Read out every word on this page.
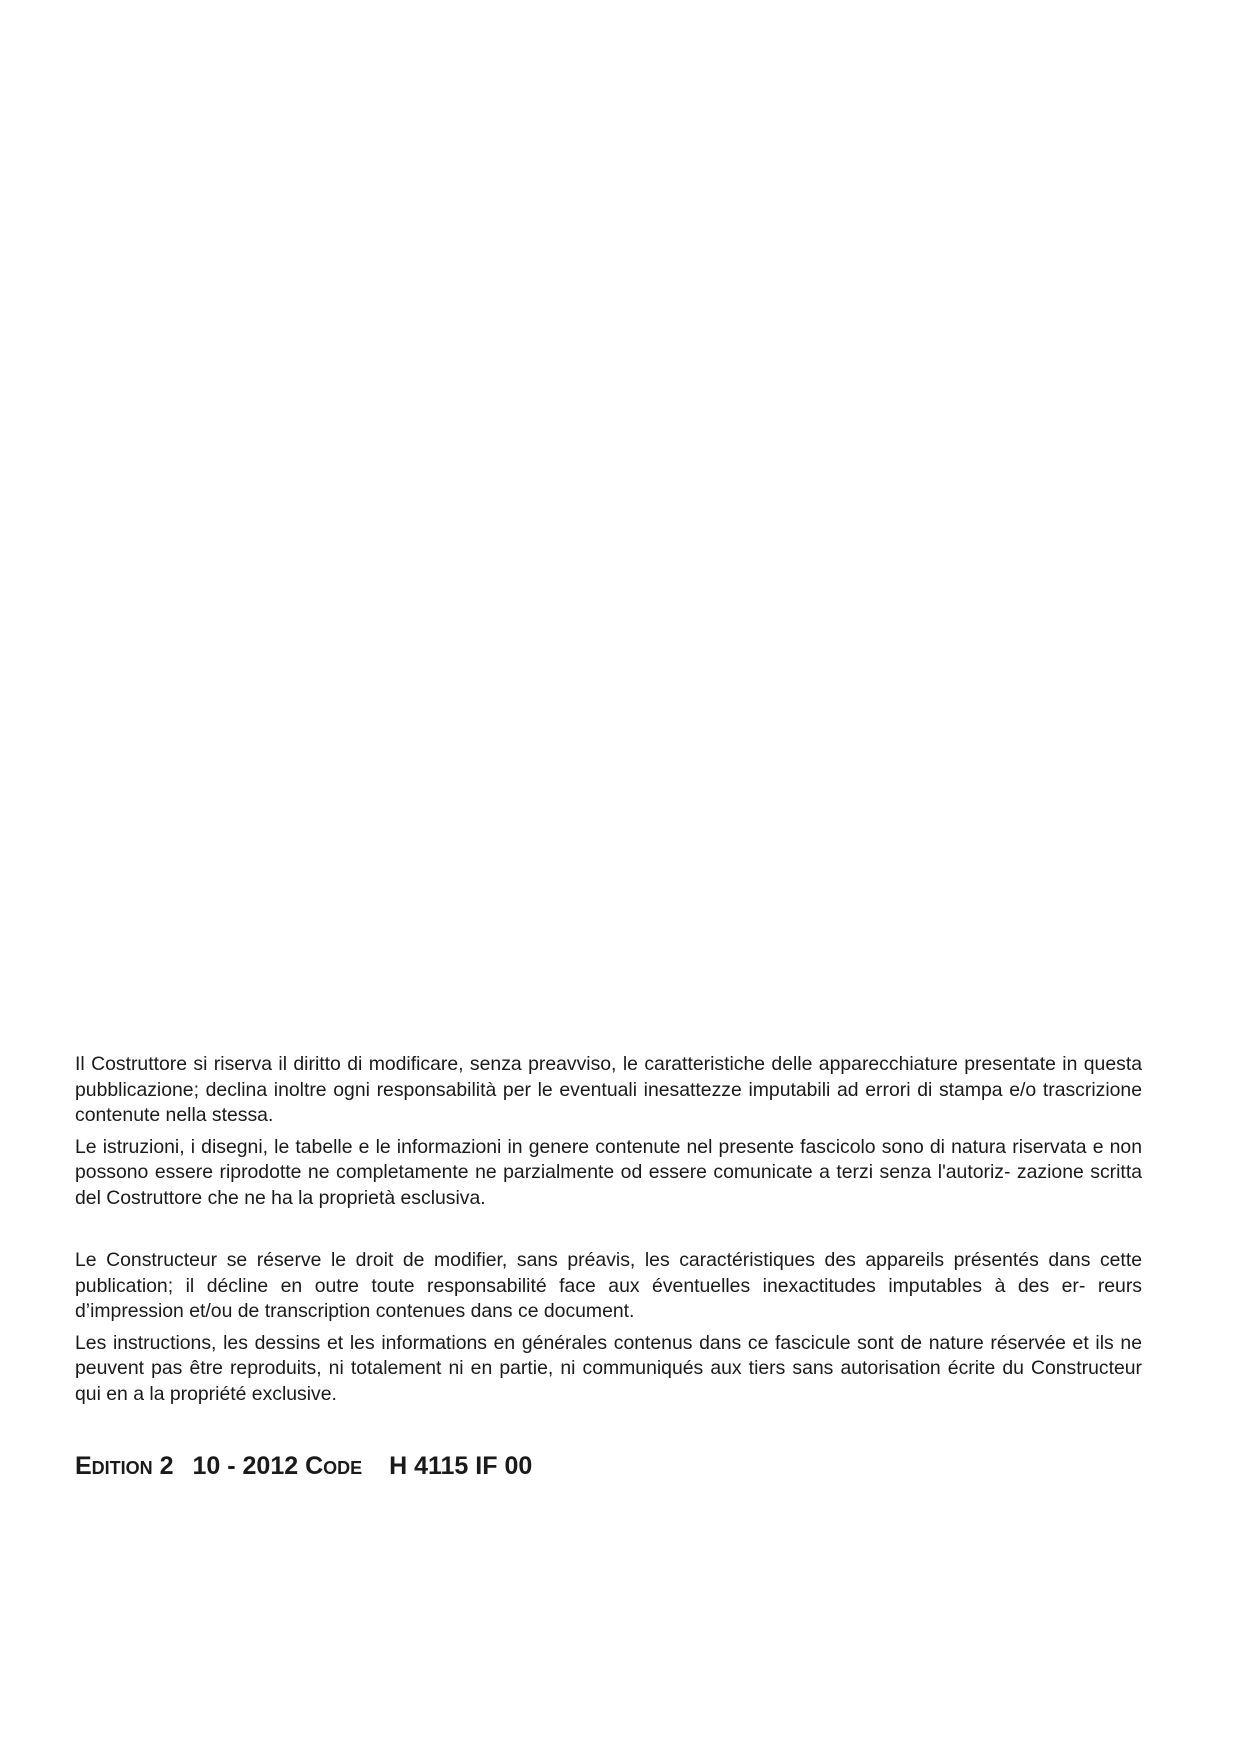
Il Costruttore si riserva il diritto di modificare, senza preavviso, le caratteristiche delle apparecchiature presentate in questa pubblicazione; declina inoltre ogni responsabilità per le eventuali inesattezze imputabili ad errori di stampa e/o trascrizione contenute nella stessa.

Le istruzioni, i disegni, le tabelle e le informazioni in genere contenute nel presente fascicolo sono di natura riservata e non possono essere riprodotte ne completamente ne parzialmente od essere comunicate a terzi senza l'autoriz- zazione scritta del Costruttore che ne ha la proprietà esclusiva.

Le Constructeur se réserve le droit de modifier, sans préavis, les caractéristiques des appareils présentés dans cette publication; il décline en outre toute responsabilité face aux éventuelles inexactitudes imputables à des er- reurs d’impression et/ou de transcription contenues dans ce document.

Les instructions, les dessins et les informations en générales contenus dans ce fascicule sont de nature réservée et ils ne peuvent pas être reproduits, ni totalement ni en partie, ni communiqués aux tiers sans autorisation écrite du Constructeur qui en a la propriété exclusive.

Edition 2 10 - 2012 Code H 4115 IF 00
